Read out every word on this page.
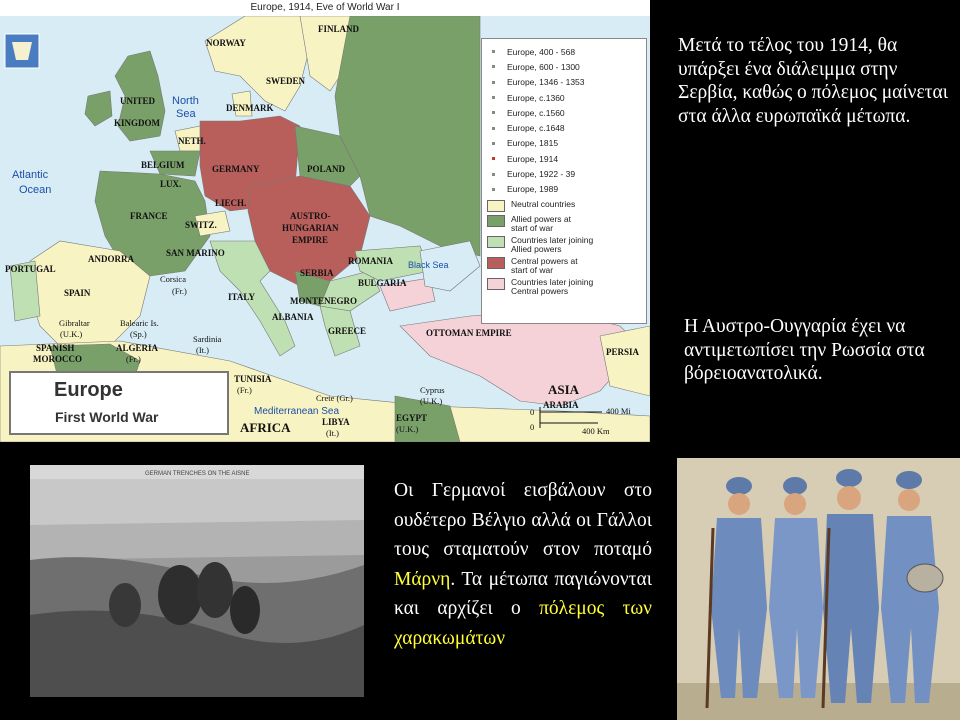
Europe, 1914, Eve of World War I
NORWAY
FINLAND
SWEDEN
DENMARK
UNITED
KINGDOM
NETH.
BELGIUM
LUX.
GERMANY	POLAND
FRANCE
LIECH.
SWITZ.
AUSTRO-
HUNGARIAN
EMPIRE
PORTUGAL
ANDORRA
SPAIN
SAN MARINO
Corsica
(Fr.)
ITALY
SERBIA
MONTENEGRO
ALBANIA
ROMANIA
BULGARIA
GREECE	OTTOMAN EMPIRE
PERSIA
Gibraltar
(U.K.)
Balearic Is.
(Sp.)	Sardinia
(It.)
SPANISH
MOROCCO
ALGERIA
(Fr.)
TUNISIA
(Fr.)
Crete (Gr.)
Cyprus
(U.K.)
ASIA
ARABIA
EGYPT
(U.K.)
LIBYA
(It.)
AFRICA
North
Sea
Atlantic
Ocean
Black Sea
Mediterranean Sea	0
0
400 Mi
400 Km
Europe, 400 - 568
Europe, 600 - 1300
Europe, 1346 - 1353
Europe, c.1360
Europe, c.1560
Europe, c.1648
Europe, 1815
Europe, 1914
Europe, 1922 - 39
Europe, 1989
Neutral countries
Allied powers at
start of war
Countries later joining
Allied powers
Central powers at
start of war
Countries later joining
Central powers
Europe
First World War
Μετά το τέλος του 1914, θα υπάρξει ένα διάλειμμα στην Σερβία, καθώς ο πόλεμος μαίνεται στα άλλα ευρωπαϊκά μέτωπα.
Η Αυστρο-Ουγγαρία έχει να αντιμετωπίσει την Ρωσσία στα βόρειοανατολικά.
GERMAN TRENCHES ON THE AISNE
Οι Γερμανοί εισβάλουν στο ουδέτερο Βέλγιο αλλά οι Γάλλοι τους σταματούν στον ποταμό Μάρνη. Τα μέτωπα παγιώνονται και αρχίζει ο πόλεμος των χαρακωμάτων
